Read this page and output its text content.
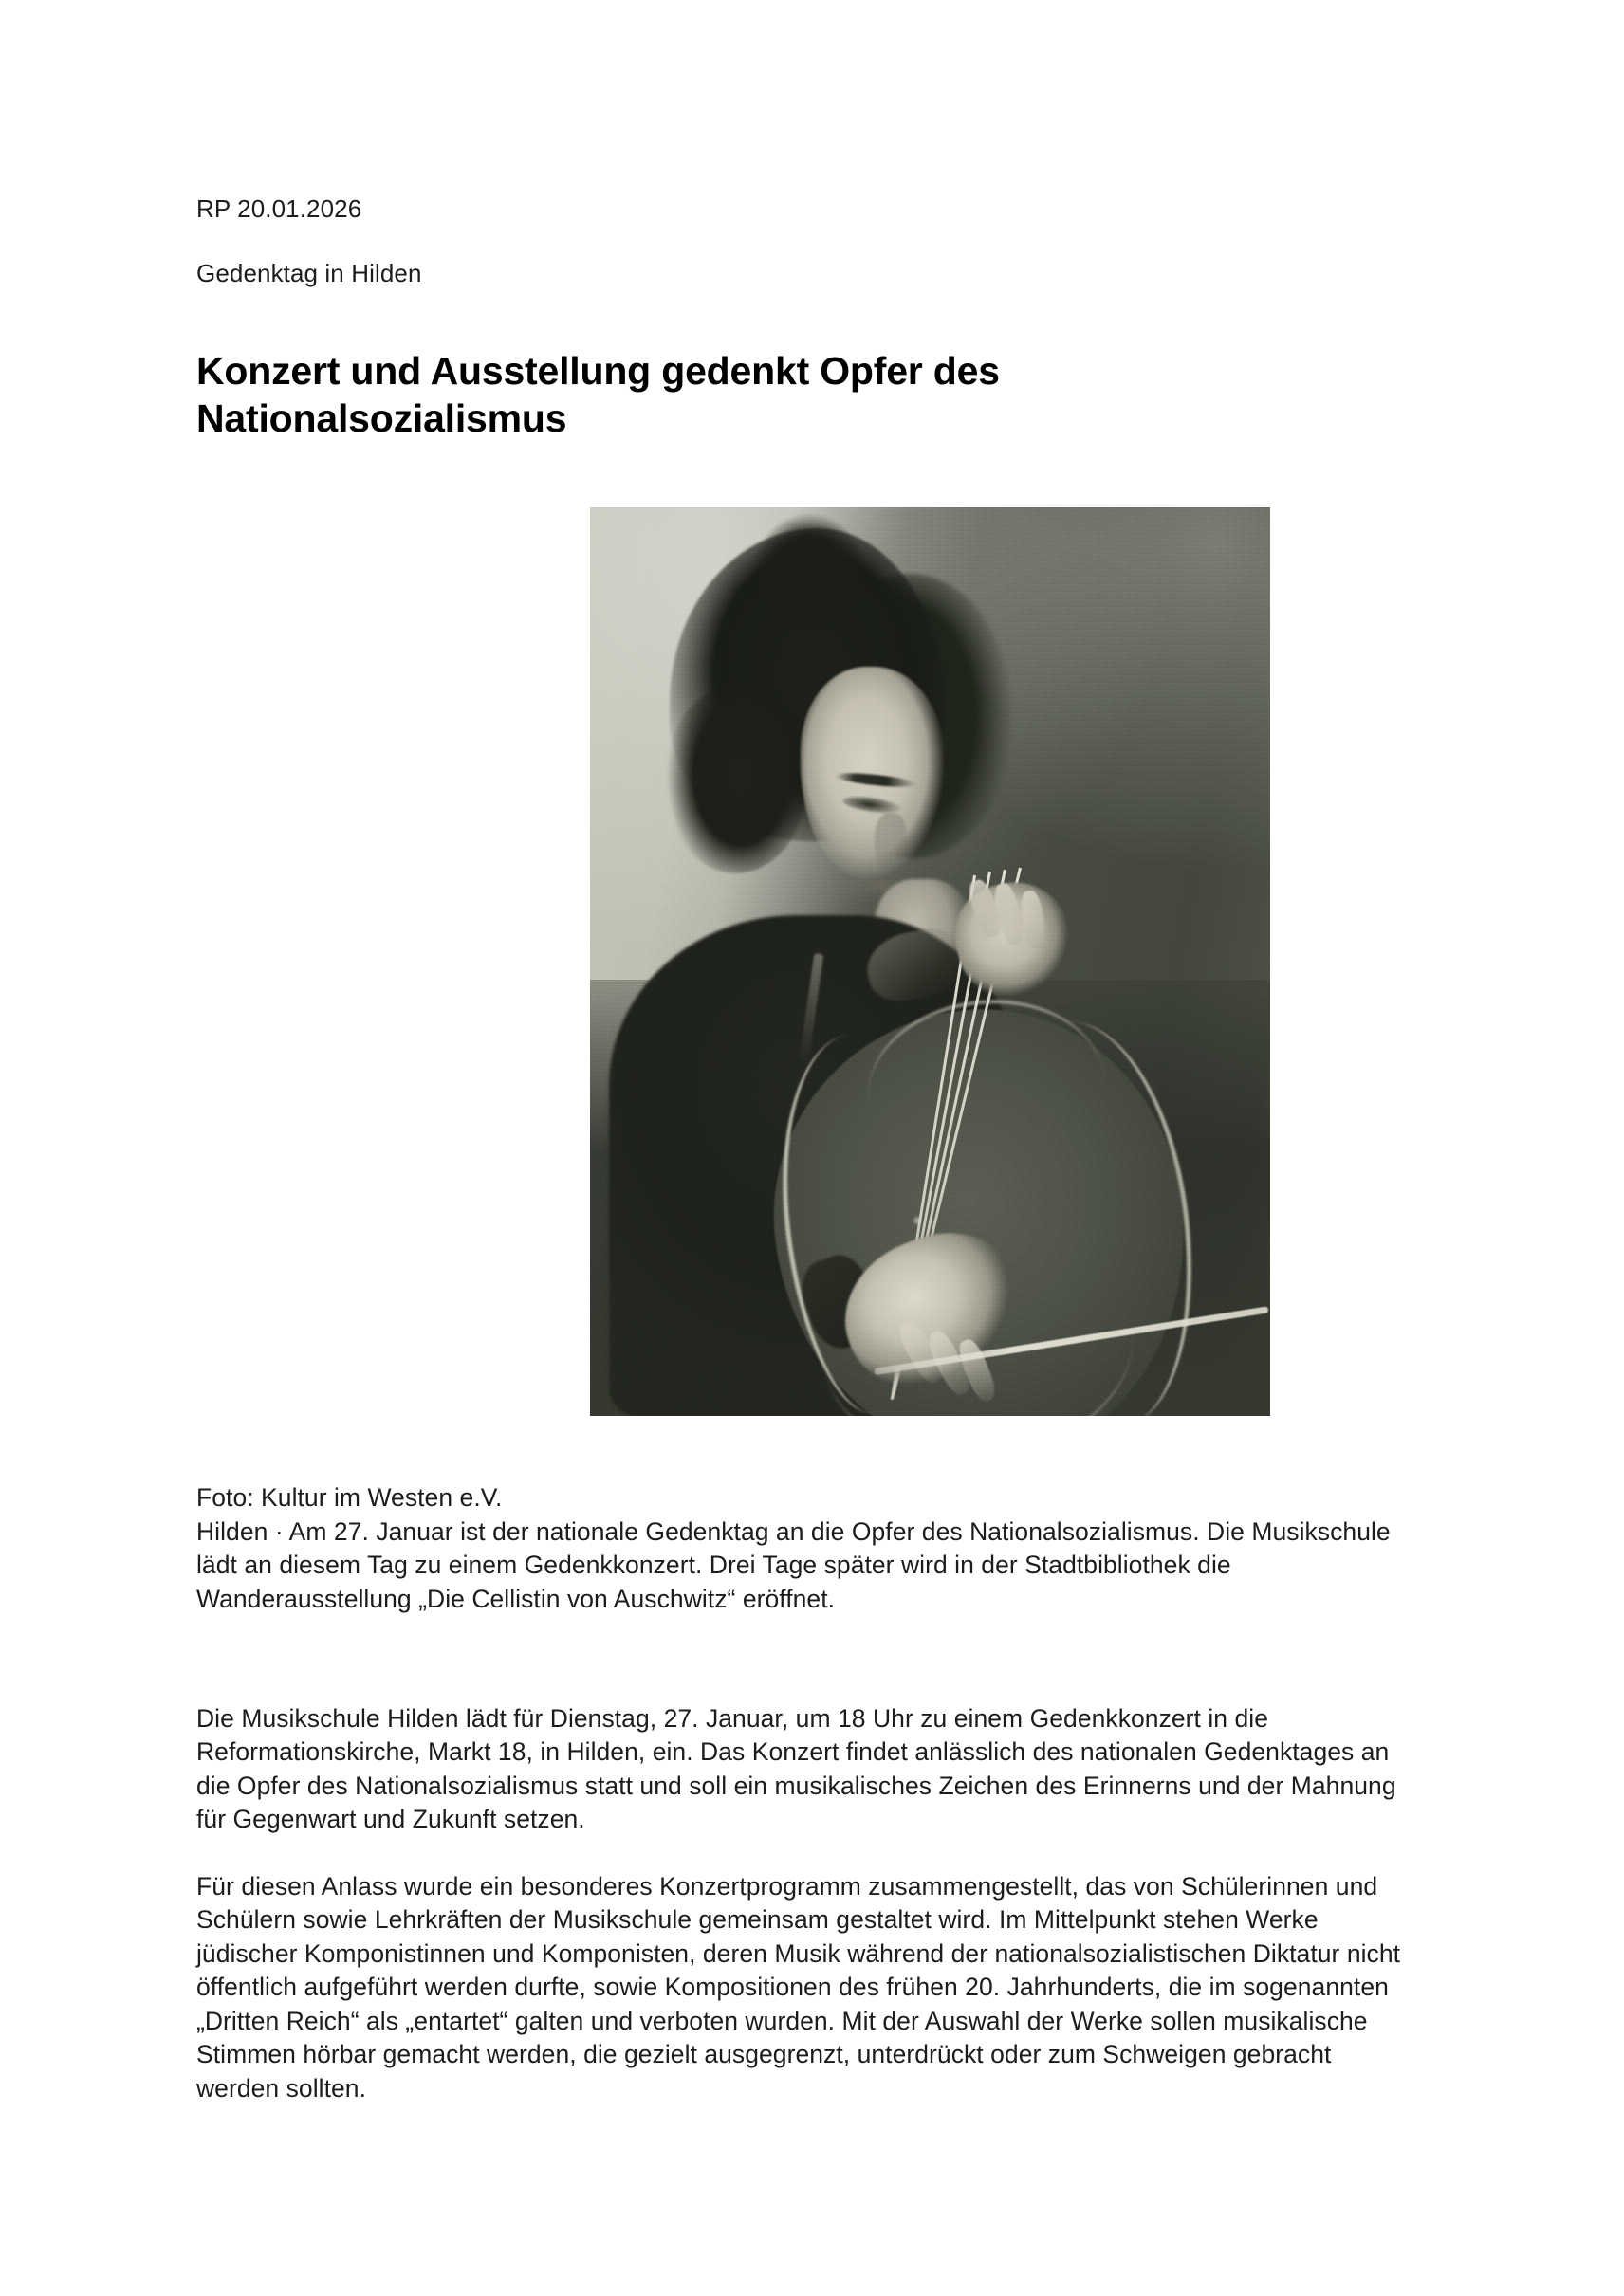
RP 20.01.2026
Gedenktag in Hilden
Konzert und Ausstellung gedenkt Opfer des Nationalsozialismus
Foto: Kultur im Westen e.V.
Hilden · Am 27. Januar ist der nationale Gedenktag an die Opfer des Nationalsozialismus. Die Musikschule lädt an diesem Tag zu einem Gedenkkonzert. Drei Tage später wird in der Stadtbibliothek die Wanderausstellung „Die Cellistin von Auschwitz“ eröffnet.

Die Musikschule Hilden lädt für Dienstag, 27. Januar, um 18 Uhr zu einem Gedenkkonzert in die Reformationskirche, Markt 18, in Hilden, ein. Das Konzert findet anlässlich des nationalen Gedenktages an die Opfer des Nationalsozialismus statt und soll ein musikalisches Zeichen des Erinnerns und der Mahnung für Gegenwart und Zukunft setzen.

Für diesen Anlass wurde ein besonderes Konzertprogramm zusammengestellt, das von Schülerinnen und Schülern sowie Lehrkräften der Musikschule gemeinsam gestaltet wird. Im Mittelpunkt stehen Werke jüdischer Komponistinnen und Komponisten, deren Musik während der nationalsozialistischen Diktatur nicht öffentlich aufgeführt werden durfte, sowie Kompositionen des frühen 20. Jahrhunderts, die im sogenannten „Dritten Reich“ als „entartet“ galten und verboten wurden. Mit der Auswahl der Werke sollen musikalische Stimmen hörbar gemacht werden, die gezielt ausgegrenzt, unterdrückt oder zum Schweigen gebracht werden sollten.
